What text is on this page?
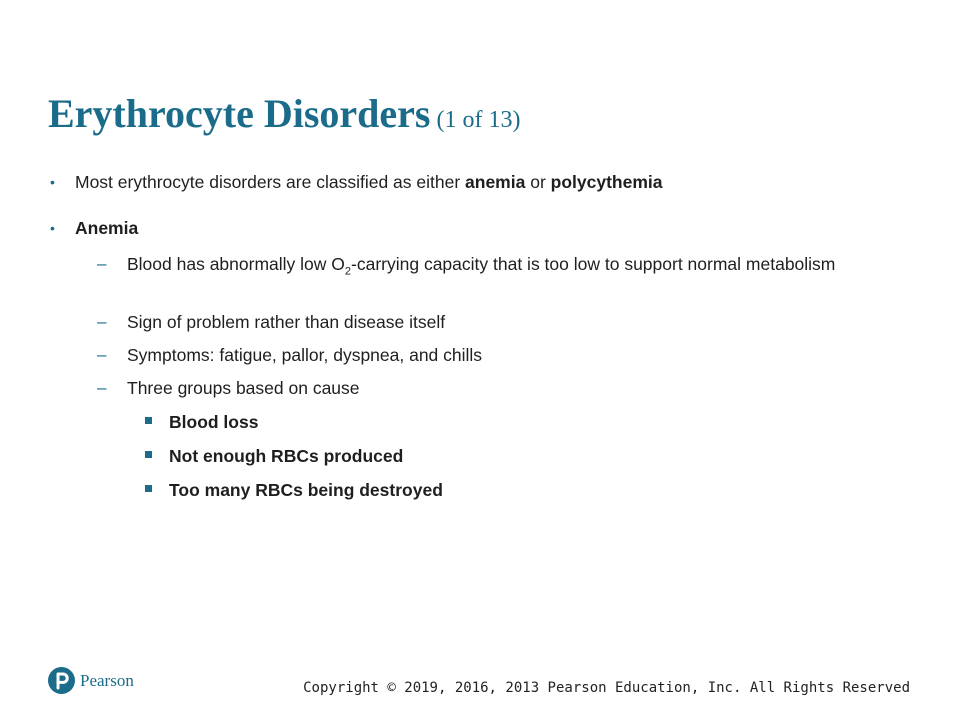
Erythrocyte Disorders (1 of 13)
• Most erythrocyte disorders are classified as either anemia or polycythemia
• Anemia
– Blood has abnormally low $O_2$-carrying capacity that is too low to support normal metabolism
– Sign of problem rather than disease itself
– Symptoms: fatigue, pallor, dyspnea, and chills
– Three groups based on cause
Blood loss
Not enough RBCs produced
Too many RBCs being destroyed
Pearson	Copyright © 2019, 2016, 2013 Pearson Education, Inc. All Rights Reserved
